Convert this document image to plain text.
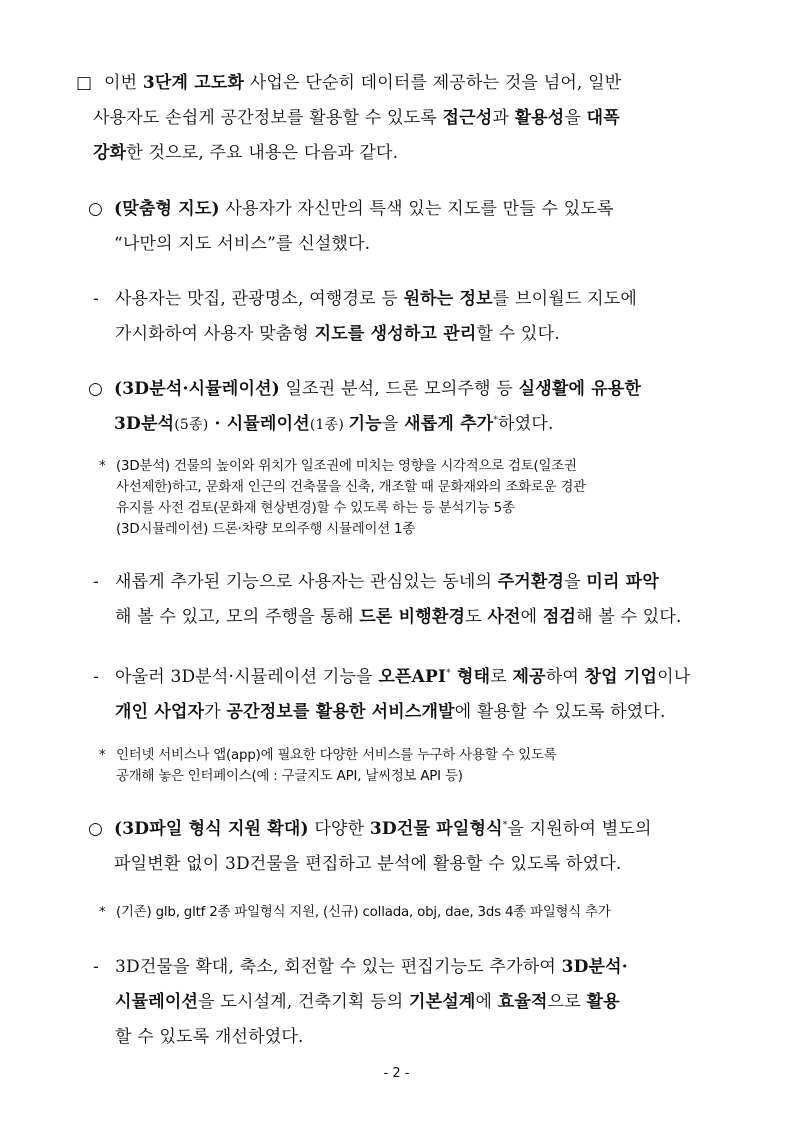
□ 이번 3단계 고도화 사업은 단순히 데이터를 제공하는 것을 넘어, 일반
사용자도 손쉽게 공간정보를 활용할 수 있도록 접근성과 활용성을 대폭
강화한 것으로, 주요 내용은 다음과 같다.
○ (맞춤형 지도) 사용자가 자신만의 특색 있는 지도를 만들 수 있도록
“나만의 지도 서비스”를 신설했다.
- 사용자는 맛집, 관광명소, 여행경로 등 원하는 정보를 브이월드 지도에
가시화하여 사용자 맞춤형 지도를 생성하고 관리할 수 있다.
○ (3D분석·시뮬레이션) 일조권 분석, 드론 모의주행 등 실생활에 유용한
3D분석(5종) · 시뮬레이션(1종) 기능을 새롭게 추가*하였다.
* (3D분석) 건물의 높이와 위치가 일조권에 미치는 영향을 시각적으로 검토(일조권
사선제한)하고, 문화재 인근의 건축물을 신축, 개조할 때 문화재와의 조화로운 경관
유지를 사전 검토(문화재 현상변경)할 수 있도록 하는 등 분석기능 5종
(3D시뮬레이션) 드론·차량 모의주행 시뮬레이션 1종
- 새롭게 추가된 기능으로 사용자는 관심있는 동네의 주거환경을 미리 파악
해 볼 수 있고, 모의 주행을 통해 드론 비행환경도 사전에 점검해 볼 수 있다.
- 아울러 3D분석·시뮬레이션 기능을 오픈API* 형태로 제공하여 창업 기업이나
개인 사업자가 공간정보를 활용한 서비스개발에 활용할 수 있도록 하였다.
* 인터넷 서비스나 앱(app)에 필요한 다양한 서비스를 누구하 사용할 수 있도록
공개해 놓은 인터페이스(예 : 구글지도 API, 날씨정보 API 등)
○ (3D파일 형식 지원 확대) 다양한 3D건물 파일형식*을 지원하여 별도의
파일변환 없이 3D건물을 편집하고 분석에 활용할 수 있도록 하였다.
* (기존) glb, gltf 2종 파일형식 지원, (신규) collada, obj, dae, 3ds 4종 파일형식 추가
- 3D건물을 확대, 축소, 회전할 수 있는 편집기능도 추가하여 3D분석·
시뮬레이션을 도시설계, 건축기획 등의 기본설계에 효율적으로 활용
할 수 있도록 개선하였다.
- 2 -
